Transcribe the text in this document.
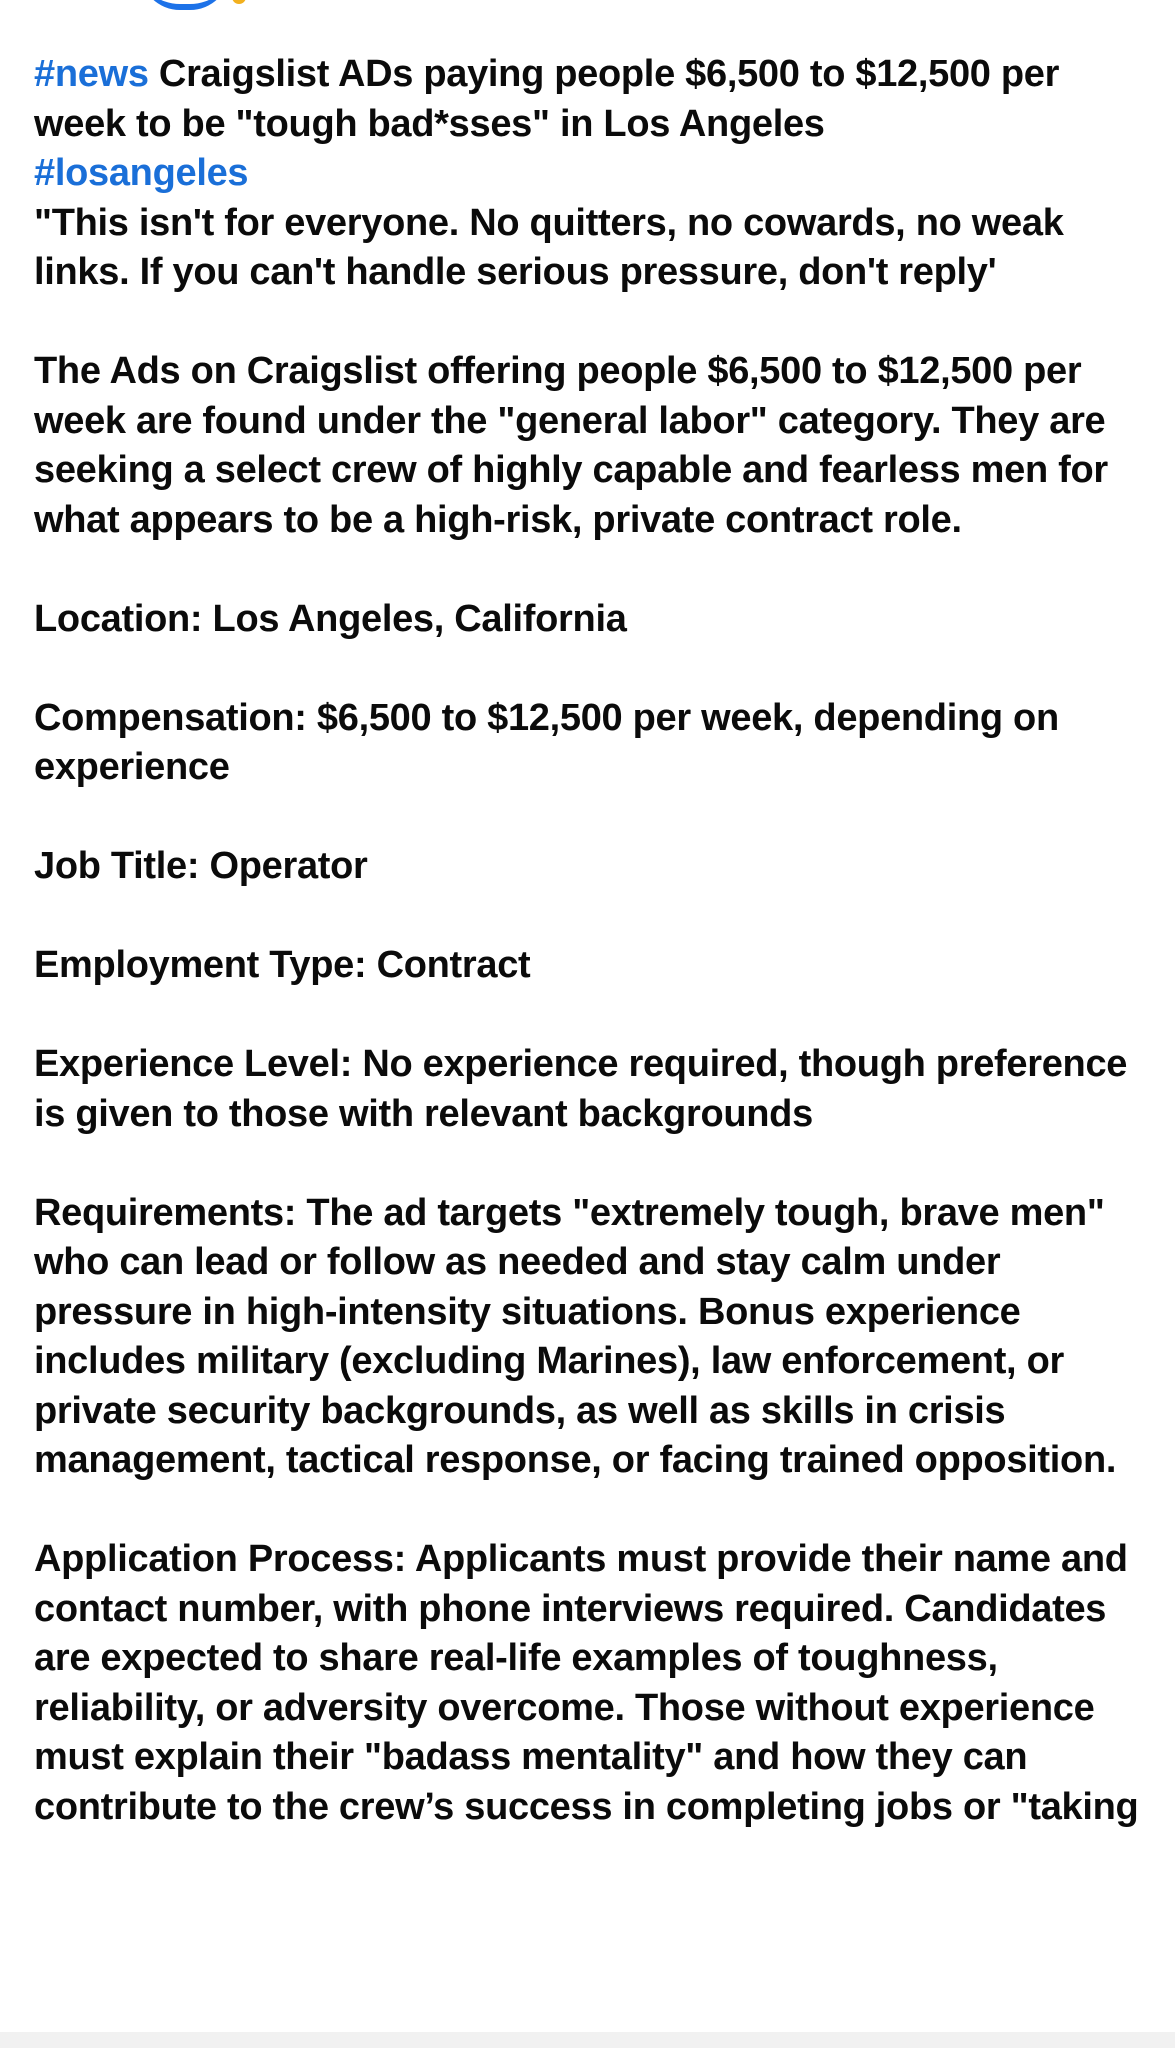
#news Craigslist ADs paying people $6,500 to $12,500 per week to be "tough bad*sses" in Los Angeles

#losangeles

"This isn't for everyone. No quitters, no cowards, no weak links. If you can't handle serious pressure, don't reply'

The Ads on Craigslist offering people $6,500 to $12,500 per week are found under the "general labor" category. They are seeking a select crew of highly capable and fearless men for what appears to be a high-risk, private contract role.

Location: Los Angeles, California

Compensation: $6,500 to $12,500 per week, depending on experience

Job Title: Operator

Employment Type: Contract

Experience Level: No experience required, though preference is given to those with relevant backgrounds

Requirements: The ad targets "extremely tough, brave men" who can lead or follow as needed and stay calm under pressure in high-intensity situations. Bonus experience includes military (excluding Marines), law enforcement, or private security backgrounds, as well as skills in crisis management, tactical response, or facing trained opposition.

Application Process: Applicants must provide their name and contact number, with phone interviews required. Candidates are expected to share real-life examples of toughness, reliability, or adversity overcome. Those without experience must explain their "badass mentality" and how they can contribute to the crew’s success in completing jobs or "taking
